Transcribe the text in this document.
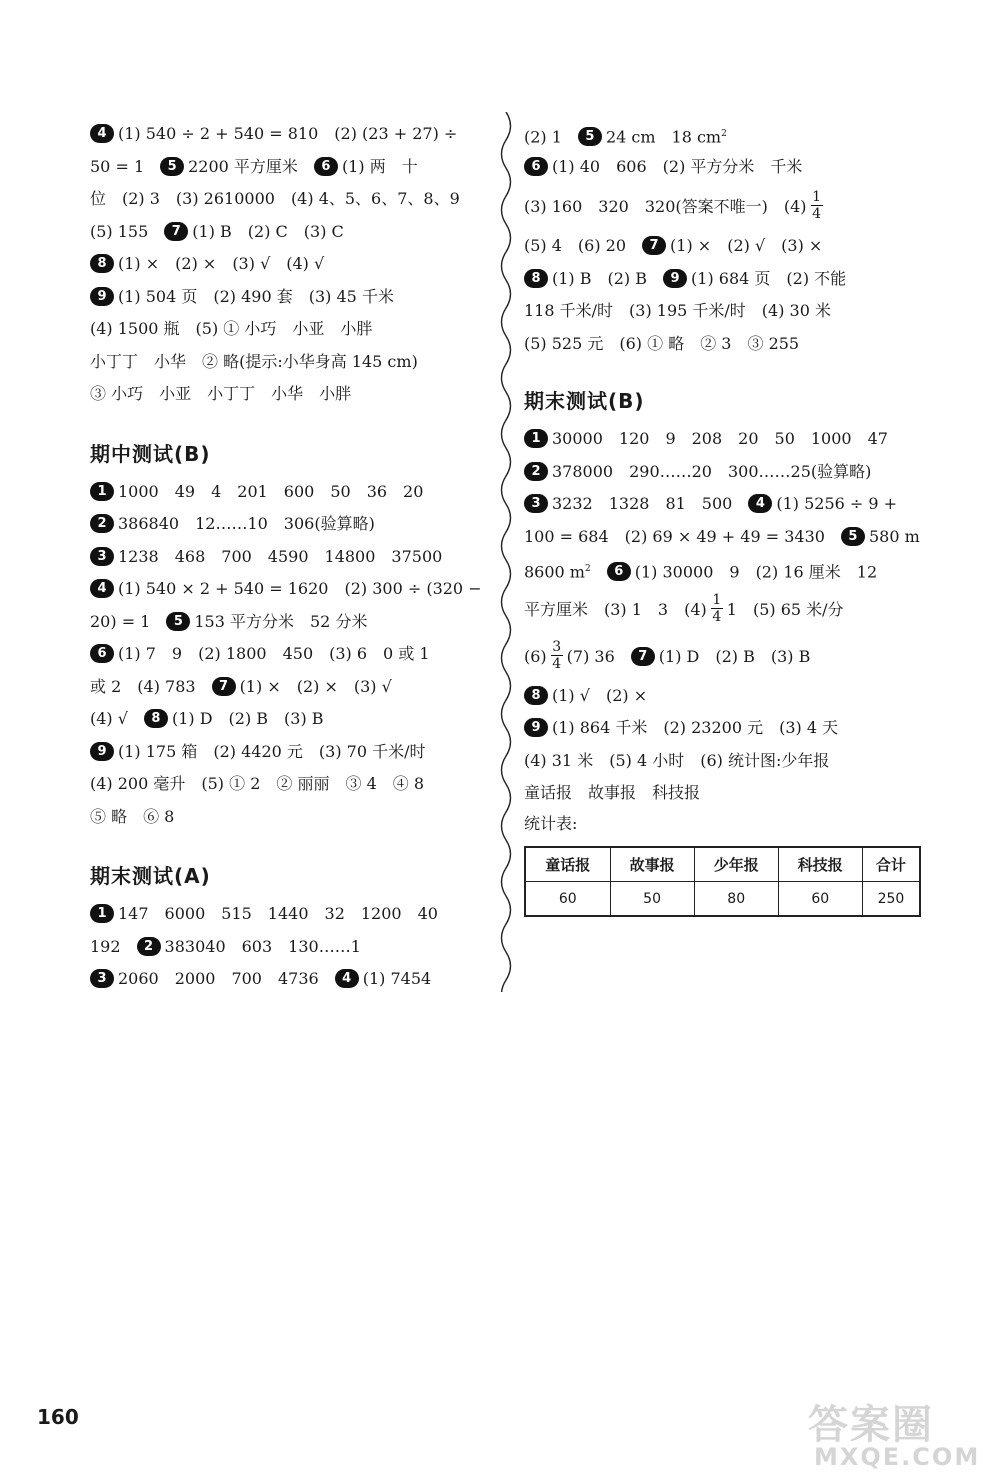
4 (1) 540 ÷ 2 + 540 = 810　(2) (23 + 27) ÷
50 = 1　5 2200 平方厘米　6 (1) 两　十
位　(2) 3　(3) 2610000　(4) 4、5、6、7、8、9
(5) 155　7 (1) B　(2) C　(3) C
8 (1) ×　(2) ×　(3) √　(4) √
9 (1) 504 页　(2) 490 套　(3) 45 千米
(4) 1500 瓶　(5) ① 小巧　小亚　小胖
小丁丁　小华　② 略(提示:小华身高 145 cm)
③ 小巧　小亚　小丁丁　小华　小胖
期中测试(B)
1 1000　49　4　201　600　50　36　20
2 386840　12……10　306(验算略)
3 1238　468　700　4590　14800　37500
4 (1) 540 × 2 + 540 = 1620　(2) 300 ÷ (320 −
20) = 1　5 153 平方分米　52 分米
6 (1) 7　9　(2) 1800　450　(3) 6　0 或 1
或 2　(4) 783　7 (1) ×　(2) ×　(3) √
(4) √　8 (1) D　(2) B　(3) B
9 (1) 175 箱　(2) 4420 元　(3) 70 千米/时
(4) 200 毫升　(5) ① 2　② 丽丽　③ 4　④ 8
⑤ 略　⑥ 8
期末测试(A)
1 147　6000　515　1440　32　1200　40
192　2 383040　603　130……1
3 2060　2000　700　4736　4 (1) 7454
(2) 1　5 24 cm　18 $cm^2$
6 (1) 40　606　(2) 平方分米　千米
(3) 160　320　320(答案不唯一)　$(4) \frac{1}{4}$
(5) 4　(6) 20　7 (1) ×　(2) √　(3) ×
8 (1) B　(2) B　9 (1) 684 页　(2) 不能
118 千米/时　(3) 195 千米/时　(4) 30 米
(5) 525 元　(6) ① 略　② 3　③ 255
期末测试(B)
1 30000　120　9　208　20　50　1000　47
2 378000　290……20　300……25(验算略)
3 3232　1328　81　500　4 (1) 5256 ÷ 9 +
100 = 684　(2) 69 × 49 + 49 = 3430　5 580 m
8600 $m^2$　 6 (1) 30000　9　(2) 16 厘米　12
平方厘米　(3) 1　3　$(4) \frac{1}{4} 1$　(5) 65 米/分
$(6) \frac{3}{4} (7)$ 36　7 (1) D　(2) B　(3) B
8 (1) √　(2) ×
9 (1) 864 千米　(2) 23200 元　(3) 4 天
(4) 31 米　(5) 4 小时　(6) 统计图:少年报
童话报　故事报　科技报
统计表:
童话报	故事报	少年报	科技报	合计
60	50	80	60	250
160	答案圈
MXQE.COM
